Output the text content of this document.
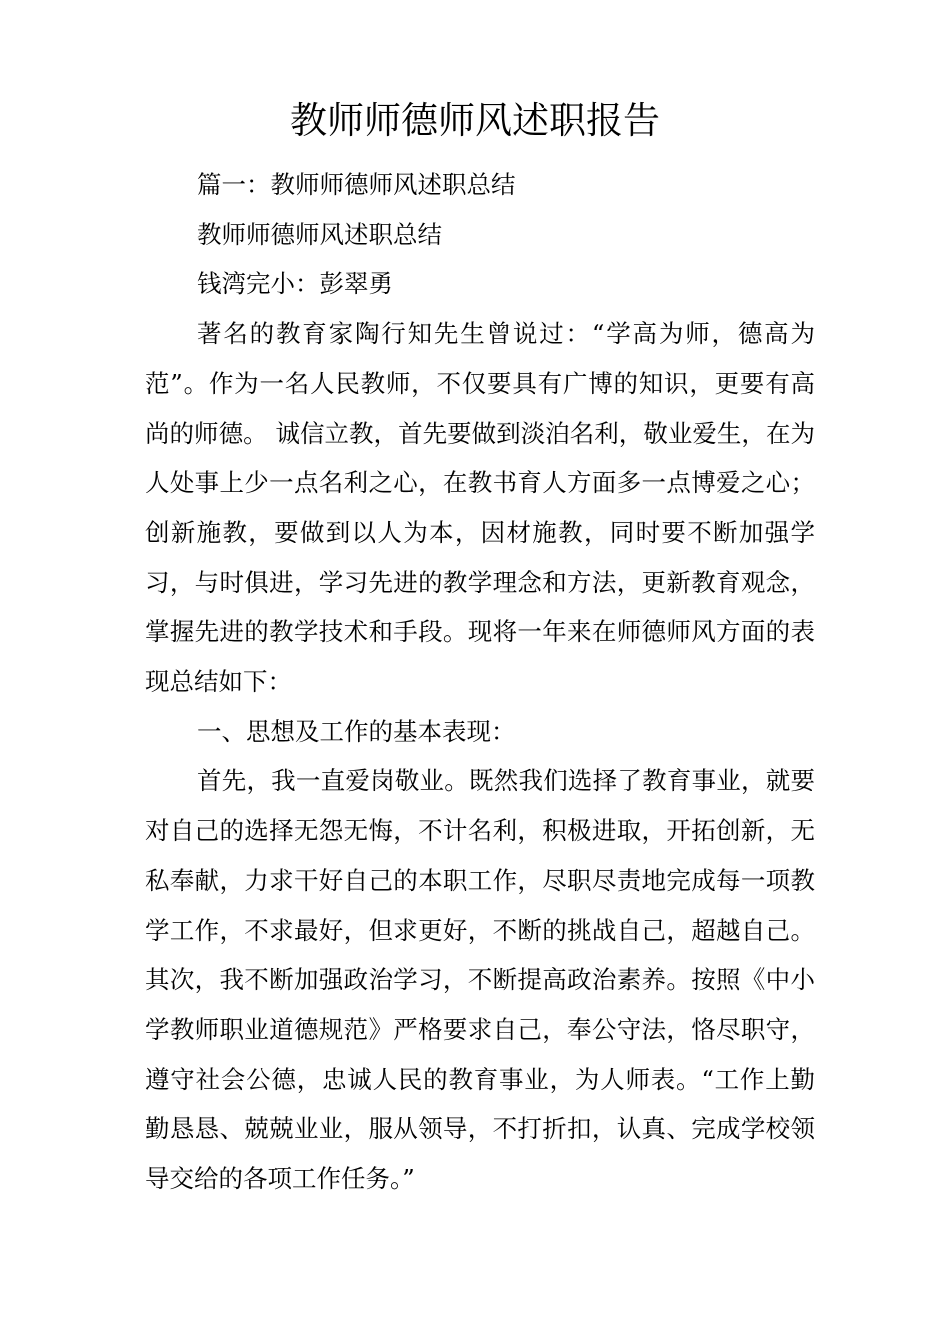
教师师德师风述职报告

篇一：教师师德师风述职总结

教师师德师风述职总结

钱湾完小：彭翠勇

著名的教育家陶行知先生曾说过：“学高为师，德高为范”。作为一名人民教师，不仅要具有广博的知识，更要有高尚的师德。 诚信立教，首先要做到淡泊名利，敬业爱生，在为人处事上少一点名利之心，在教书育人方面多一点博爱之心；创新施教，要做到以人为本，因材施教，同时要不断加强学习，与时俱进，学习先进的教学理念和方法，更新教育观念，掌握先进的教学技术和手段。现将一年来在师德师风方面的表现总结如下：

一、思想及工作的基本表现：

首先，我一直爱岗敬业。既然我们选择了教育事业，就要对自己的选择无怨无悔，不计名利，积极进取，开拓创新，无私奉献，力求干好自己的本职工作，尽职尽责地完成每一项教学工作，不求最好，但求更好，不断的挑战自己，超越自己。其次，我不断加强政治学习，不断提高政治素养。按照《中小学教师职业道德规范》严格要求自己，奉公守法，恪尽职守，遵守社会公德，忠诚人民的教育事业，为人师表。“工作上勤勤恳恳、兢兢业业，服从领导，不打折扣，认真、完成学校领导交给的各项工作任务。”
